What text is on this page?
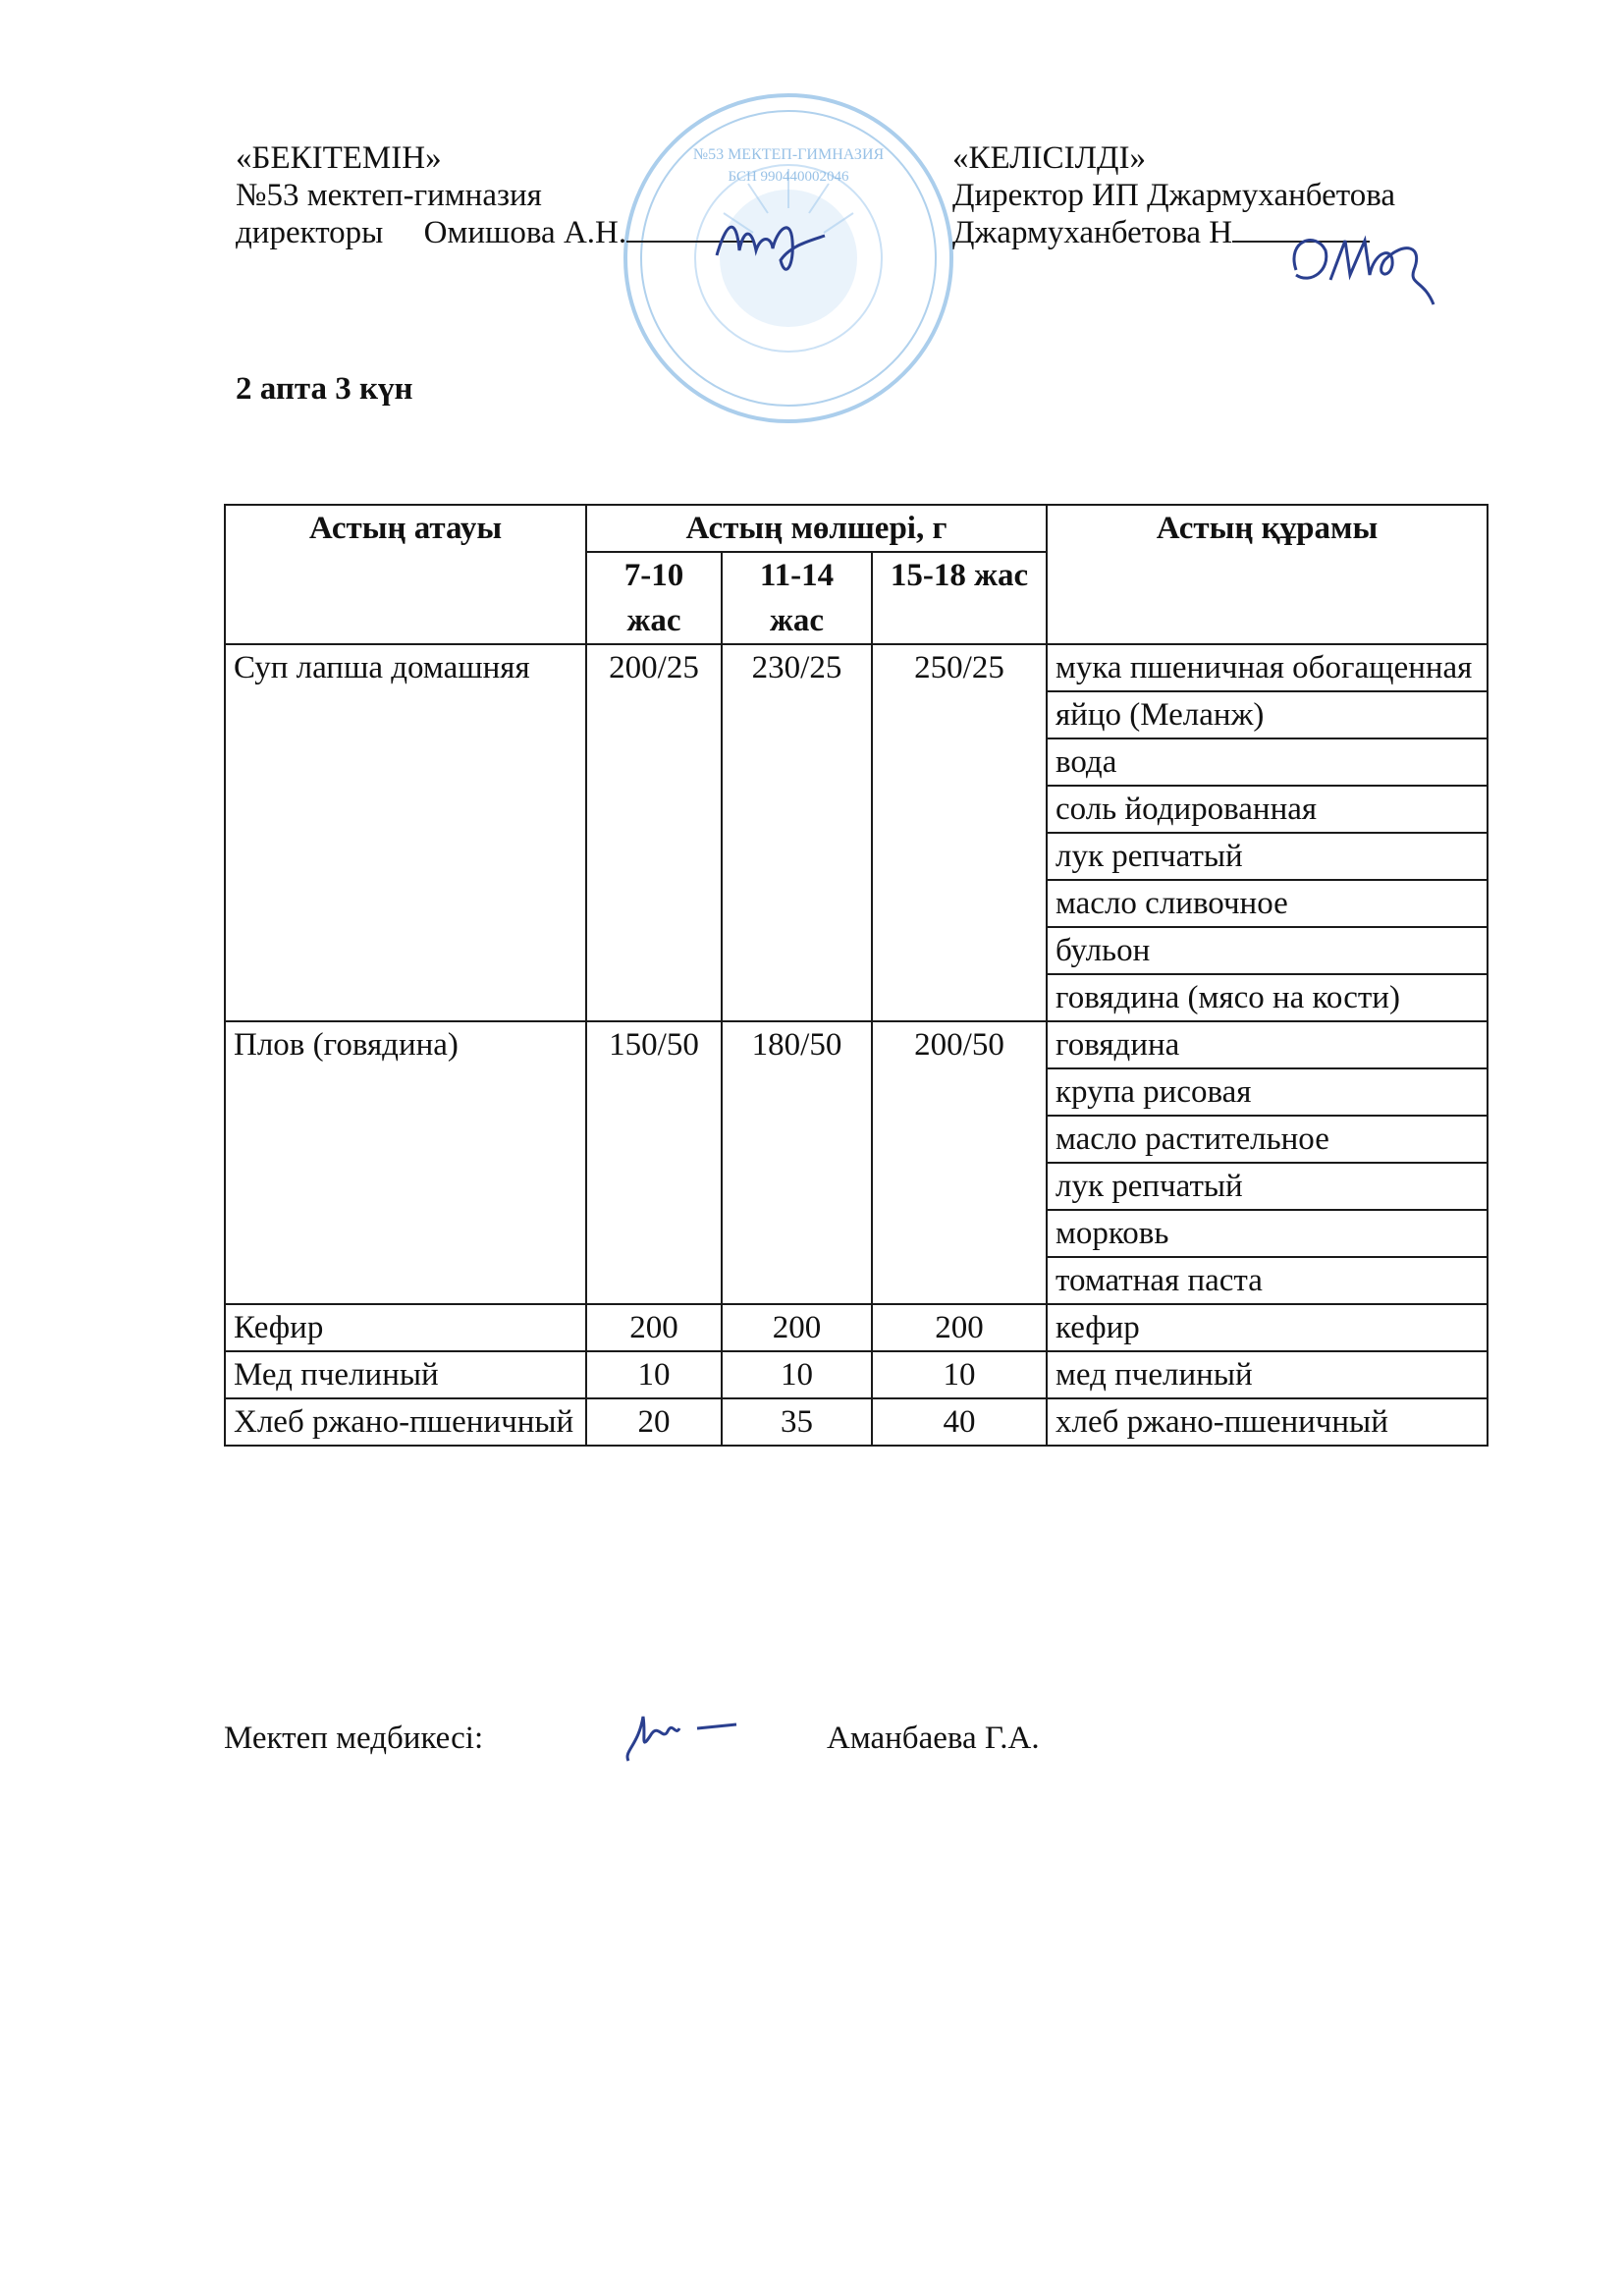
№53 МЕКТЕП-ГИМНАЗИЯ
БСН 990440002046
«БЕКІТЕМІН»
№53 мектеп-гимназия
директоры Омишова А.Н.
«КЕЛІСІЛДІ»
Директор ИП Джармуханбетова
Джармуханбетова Н
2 апта 3 күн
Астың атауы	Астың мөлшері, г			Астың құрамы
	7-10 жас	11-14 жас	15-18 жас	
Суп лапша домашняя	200/25	230/25	250/25	мука пшеничная обогащенная
				яйцо (Меланж)
				вода
				соль йодированная
				лук репчатый
				масло сливочное
				бульон
				говядина (мясо на кости)
Плов (говядина)	150/50	180/50	200/50	говядина
				крупа рисовая
				масло растительное
				лук репчатый
				морковь
				томатная паста
Кефир	200	200	200	кефир
Мед пчелиный	10	10	10	мед пчелиный
Хлеб ржано-пшеничный	20	35	40	хлеб ржано-пшеничный
Мектеп медбикесі:	Аманбаева Г.А.
